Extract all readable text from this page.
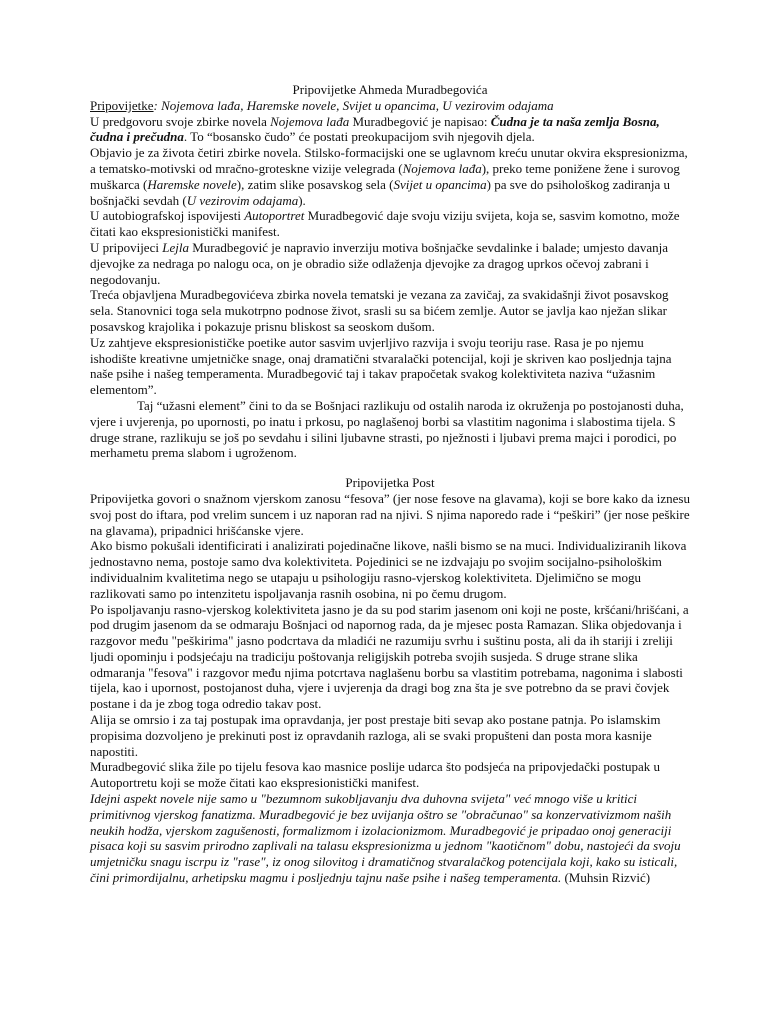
Pripovijetke Ahmeda Muradbegovića

Pripovijetke: Nojemova lađa, Haremske novele, Svijet u opancima, U vezirovim odajama

U predgovoru svoje zbirke novela Nojemova lađa Muradbegović je napisao: Čudna je ta naša zemlja Bosna, čudna i prečudna. To “bosansko čudo” će postati preokupacijom svih njegovih djela.

Objavio je za života četiri zbirke novela. Stilsko-formacijski one se uglavnom kreću unutar okvira ekspresionizma, a tematsko-motivski od mračno-groteskne vizije velegrada (Nojemova lađa), preko teme poniženе žene i surovog muškarca (Haremske novele), zatim slike posavskog sela (Svijet u opancima) pa sve do psihološkog zadiranja u bošnjački sevdah (U vezirovim odajama).

U autobiografskoj ispovijesti Autoportret Muradbegović daje svoju viziju svijeta, koja se, sasvim komotno, može čitati kao ekspresionistički manifest.

U pripovijeci Lejla Muradbegović je napravio inverziju motiva bošnjačke sevdalinke i balade; umjesto davanja djevojke za nedraga po nalogu oca, on je obradio siže odlaženja djevojke za dragog uprkos očevoj zabrani i negodovanju.

Treća objavljena Muradbegovićeva zbirka novela tematski je vezana za zavičaj, za svakidašnji život posavskog sela. Stanovnici toga sela mukotrpno podnose život, srasli su sa bićem zemlje. Autor se javlja kao nježan slikar posavskog krajolika i pokazuje prisnu bliskost sa seoskom dušom.

Uz zahtjeve ekspresionističke poetike autor sasvim uvjerljivo razvija i svoju teoriju rase. Rasa je po njemu ishodište kreativne umjetničke snage, onaj dramatični stvaralački potencijal, koji je skriven kao posljednja tajna naše psihe i našeg temperamenta. Muradbegović taj i takav prapočetak svakog kolektiviteta naziva “užasnim elementom”.

Taj “užasni element” čini to da se Bošnjaci razlikuju od ostalih naroda iz okruženja po postojanosti duha, vjere i uvjerenja, po upornosti, po inatu i prkosu, po naglašenoj borbi sa vlastitim nagonima i slabostima tijela. S druge strane, razlikuju se još po sevdahu i silini ljubavne strasti, po nježnosti i ljubavi prema majci i porodici, po merhametu prema slabom i ugroženom.

Pripovijetka Post

Pripovijetka govori o snažnom vjerskom zanosu “fesova” (jer nose fesove na glavama), koji se bore kako da iznesu svoj post do iftara, pod vrelim suncem i uz naporan rad na njivi. S njima naporedo rade i “peškiri” (jer nose peškire na glavama), pripadnici hrišćanske vjere.

Ako bismo pokušali identificirati i analizirati pojedinačne likove, našli bismo se na muci. Individualiziranih likova jednostavno nema, postoje samo dva kolektiviteta. Pojedinici se ne izdvajaju po svojim socijalno-psihološkim individualnim kvalitetima nego se utapaju u psihologiju rasno-vjerskog kolektiviteta. Djelimično se mogu razlikovati samo po intenzitetu ispoljavanja rasnih osobina, ni po čemu drugom.

Po ispoljavanju rasno-vjerskog kolektiviteta jasno je da su pod starim jasenom oni koji ne poste, kršćani/hrišćani, a pod drugim jasenom da se odmaraju Bošnjaci od napornog rada, da je mjesec posta Ramazan. Slika objedovanja i razgovor među "peškirima" jasno podcrtava da mladići ne razumiju svrhu i suštinu posta, ali da ih stariji i zreliji ljudi opominju i podsjećaju na tradiciju poštovanja religijskih potreba svojih susjeda. S druge strane slika odmaranja "fesova" i razgovor među njima potcrtava naglašenu borbu sa vlastitim potrebama, nagonima i slabosti tijela, kao i upornost, postojanost duha, vjere i uvjerenja da dragi bog zna šta je sve potrebno da se pravi čovjek postane i da je zbog toga odredio takav post.

Alija se omrsio i za taj postupak ima opravdanja, jer post prestaje biti sevap ako postane patnja. Po islamskim propisima dozvoljeno je prekinuti post iz opravdanih razloga, ali se svaki propušteni dan posta mora kasnije napostiti.

Muradbegović slika žile po tijelu fesova kao masnice poslije udarca što podsjeća na pripovjedački postupak u Autoportretu koji se može čitati kao ekspresionistički manifest.

Idejni aspekt novele nije samo u "bezumnom sukobljavanju dva duhovna svijeta" već mnogo više u kritici primitivnog vjerskog fanatizma. Muradbegović je bez uvijanja oštro se "obračunao" sa konzervativizmom naših neukih hodža, vjerskom zagušenosti, formalizmom i izolacionizmom. Muradbegović je pripadao onoj generaciji pisaca koji su sasvim prirodno zaplivali na talasu ekspresionizma u jednom "kaotičnom" dobu, nastojeći da svoju umjetničku snagu iscrpu iz "rase", iz onog silovitog i dramatičnog stvaralačkog potencijala koji, kako su isticali, čini primordijalnu, arhetipsku magmu i posljednju tajnu naše psihe i našeg temperamenta. (Muhsin Rizvić)
